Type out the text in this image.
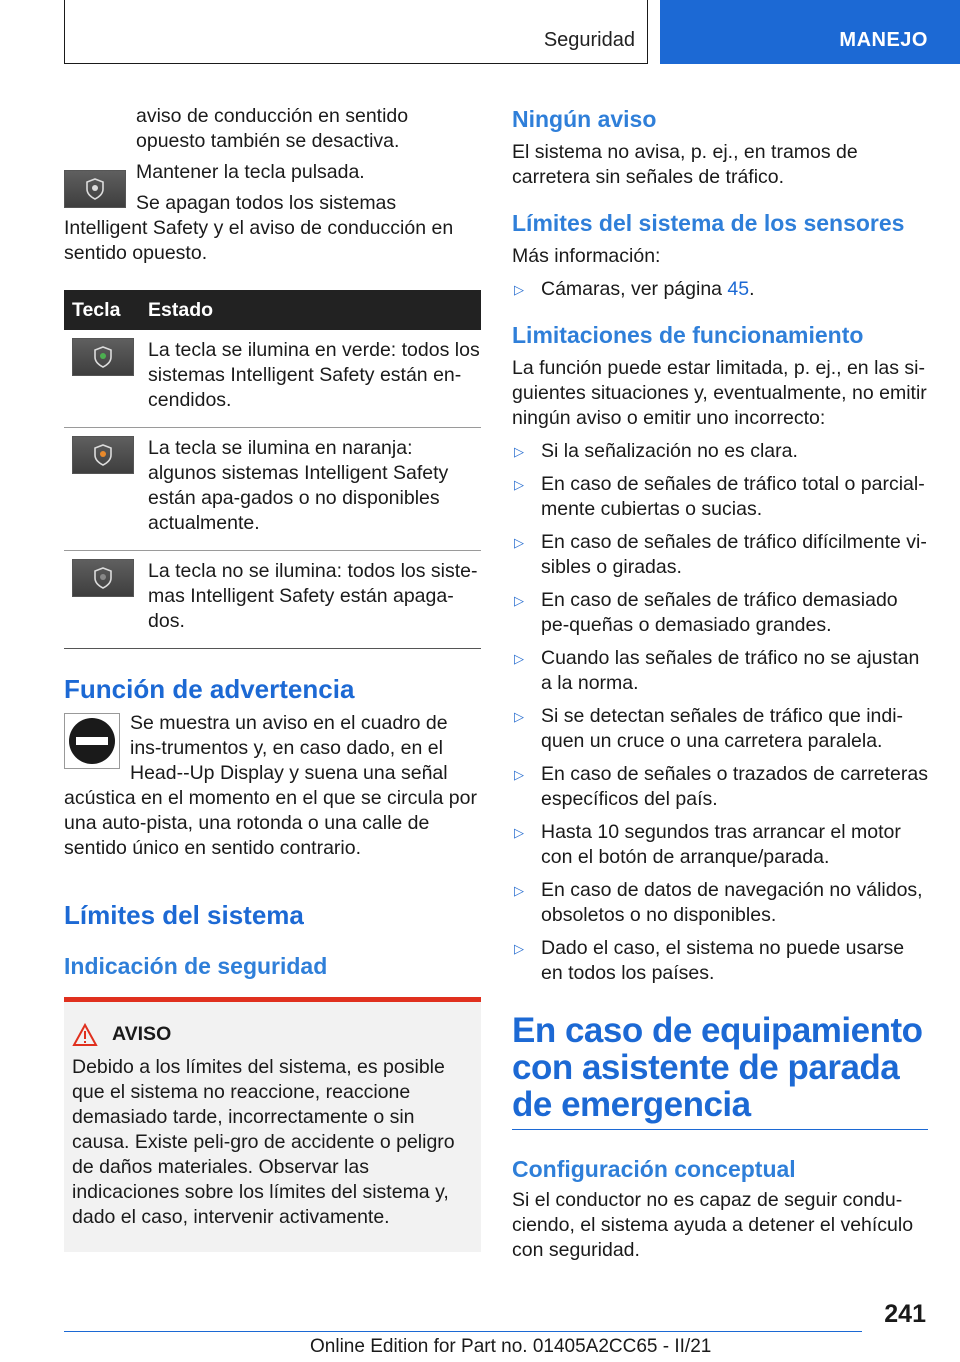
Seguridad	MANEJO

aviso de conducción en sentido opuesto también se desactiva.

Mantener la tecla pulsada.

Se apagan todos los sistemas Intelligent Safety y el aviso de conducción en sentido opuesto.

Tecla	Estado

	La tecla se ilumina en verde: todos los sistemas Intelligent Safety están en-cendidos.

	La tecla se ilumina en naranja: algunos sistemas Intelligent Safety están apa-gados o no disponibles actualmente.

	La tecla no se ilumina: todos los siste-mas Intelligent Safety están apaga-dos.
Función de advertencia

Se muestra un aviso en el cuadro de ins-trumentos y, en caso dado, en el Head--Up Display y suena una señal acústica en el momento en el que se circula por una auto-pista, una rotonda o una calle de sentido único en sentido contrario.

Límites del sistema
Indicación de seguridad
AVISO

Debido a los límites del sistema, es posible que el sistema no reaccione, reaccione demasiado tarde, incorrectamente o sin causa. Existe peli-gro de accidente o peligro de daños materiales. Observar las indicaciones sobre los límites del sistema y, dado el caso, intervenir activamente.

Ningún aviso

El sistema no avisa, p. ej., en tramos de carretera sin señales de tráfico.

Límites del sistema de los sensores

Más información:

▷ Cámaras, ver página 45.
Limitaciones de funcionamiento

La función puede estar limitada, p. ej., en las si-guientes situaciones y, eventualmente, no emitir ningún aviso o emitir uno incorrecto:

▷ Si la señalización no es clara.
▷ En caso de señales de tráfico total o parcial-mente cubiertas o sucias.
▷ En caso de señales de tráfico difícilmente vi-sibles o giradas.
▷ En caso de señales de tráfico demasiado pe-queñas o demasiado grandes.
▷ Cuando las señales de tráfico no se ajustan a la norma.
▷ Si se detectan señales de tráfico que indi-quen un cruce o una carretera paralela.
▷ En caso de señales o trazados de carreteras específicos del país.
▷ Hasta 10 segundos tras arrancar el motor con el botón de arranque/parada.
▷ En caso de datos de navegación no válidos, obsoletos o no disponibles.
▷ Dado el caso, el sistema no puede usarse en todos los países.
En caso de equipamiento con asistente de parada de emergencia
Configuración conceptual

Si el conductor no es capaz de seguir condu-ciendo, el sistema ayuda a detener el vehículo con seguridad.

241
Online Edition for Part no. 01405A2CC65 - II/21
